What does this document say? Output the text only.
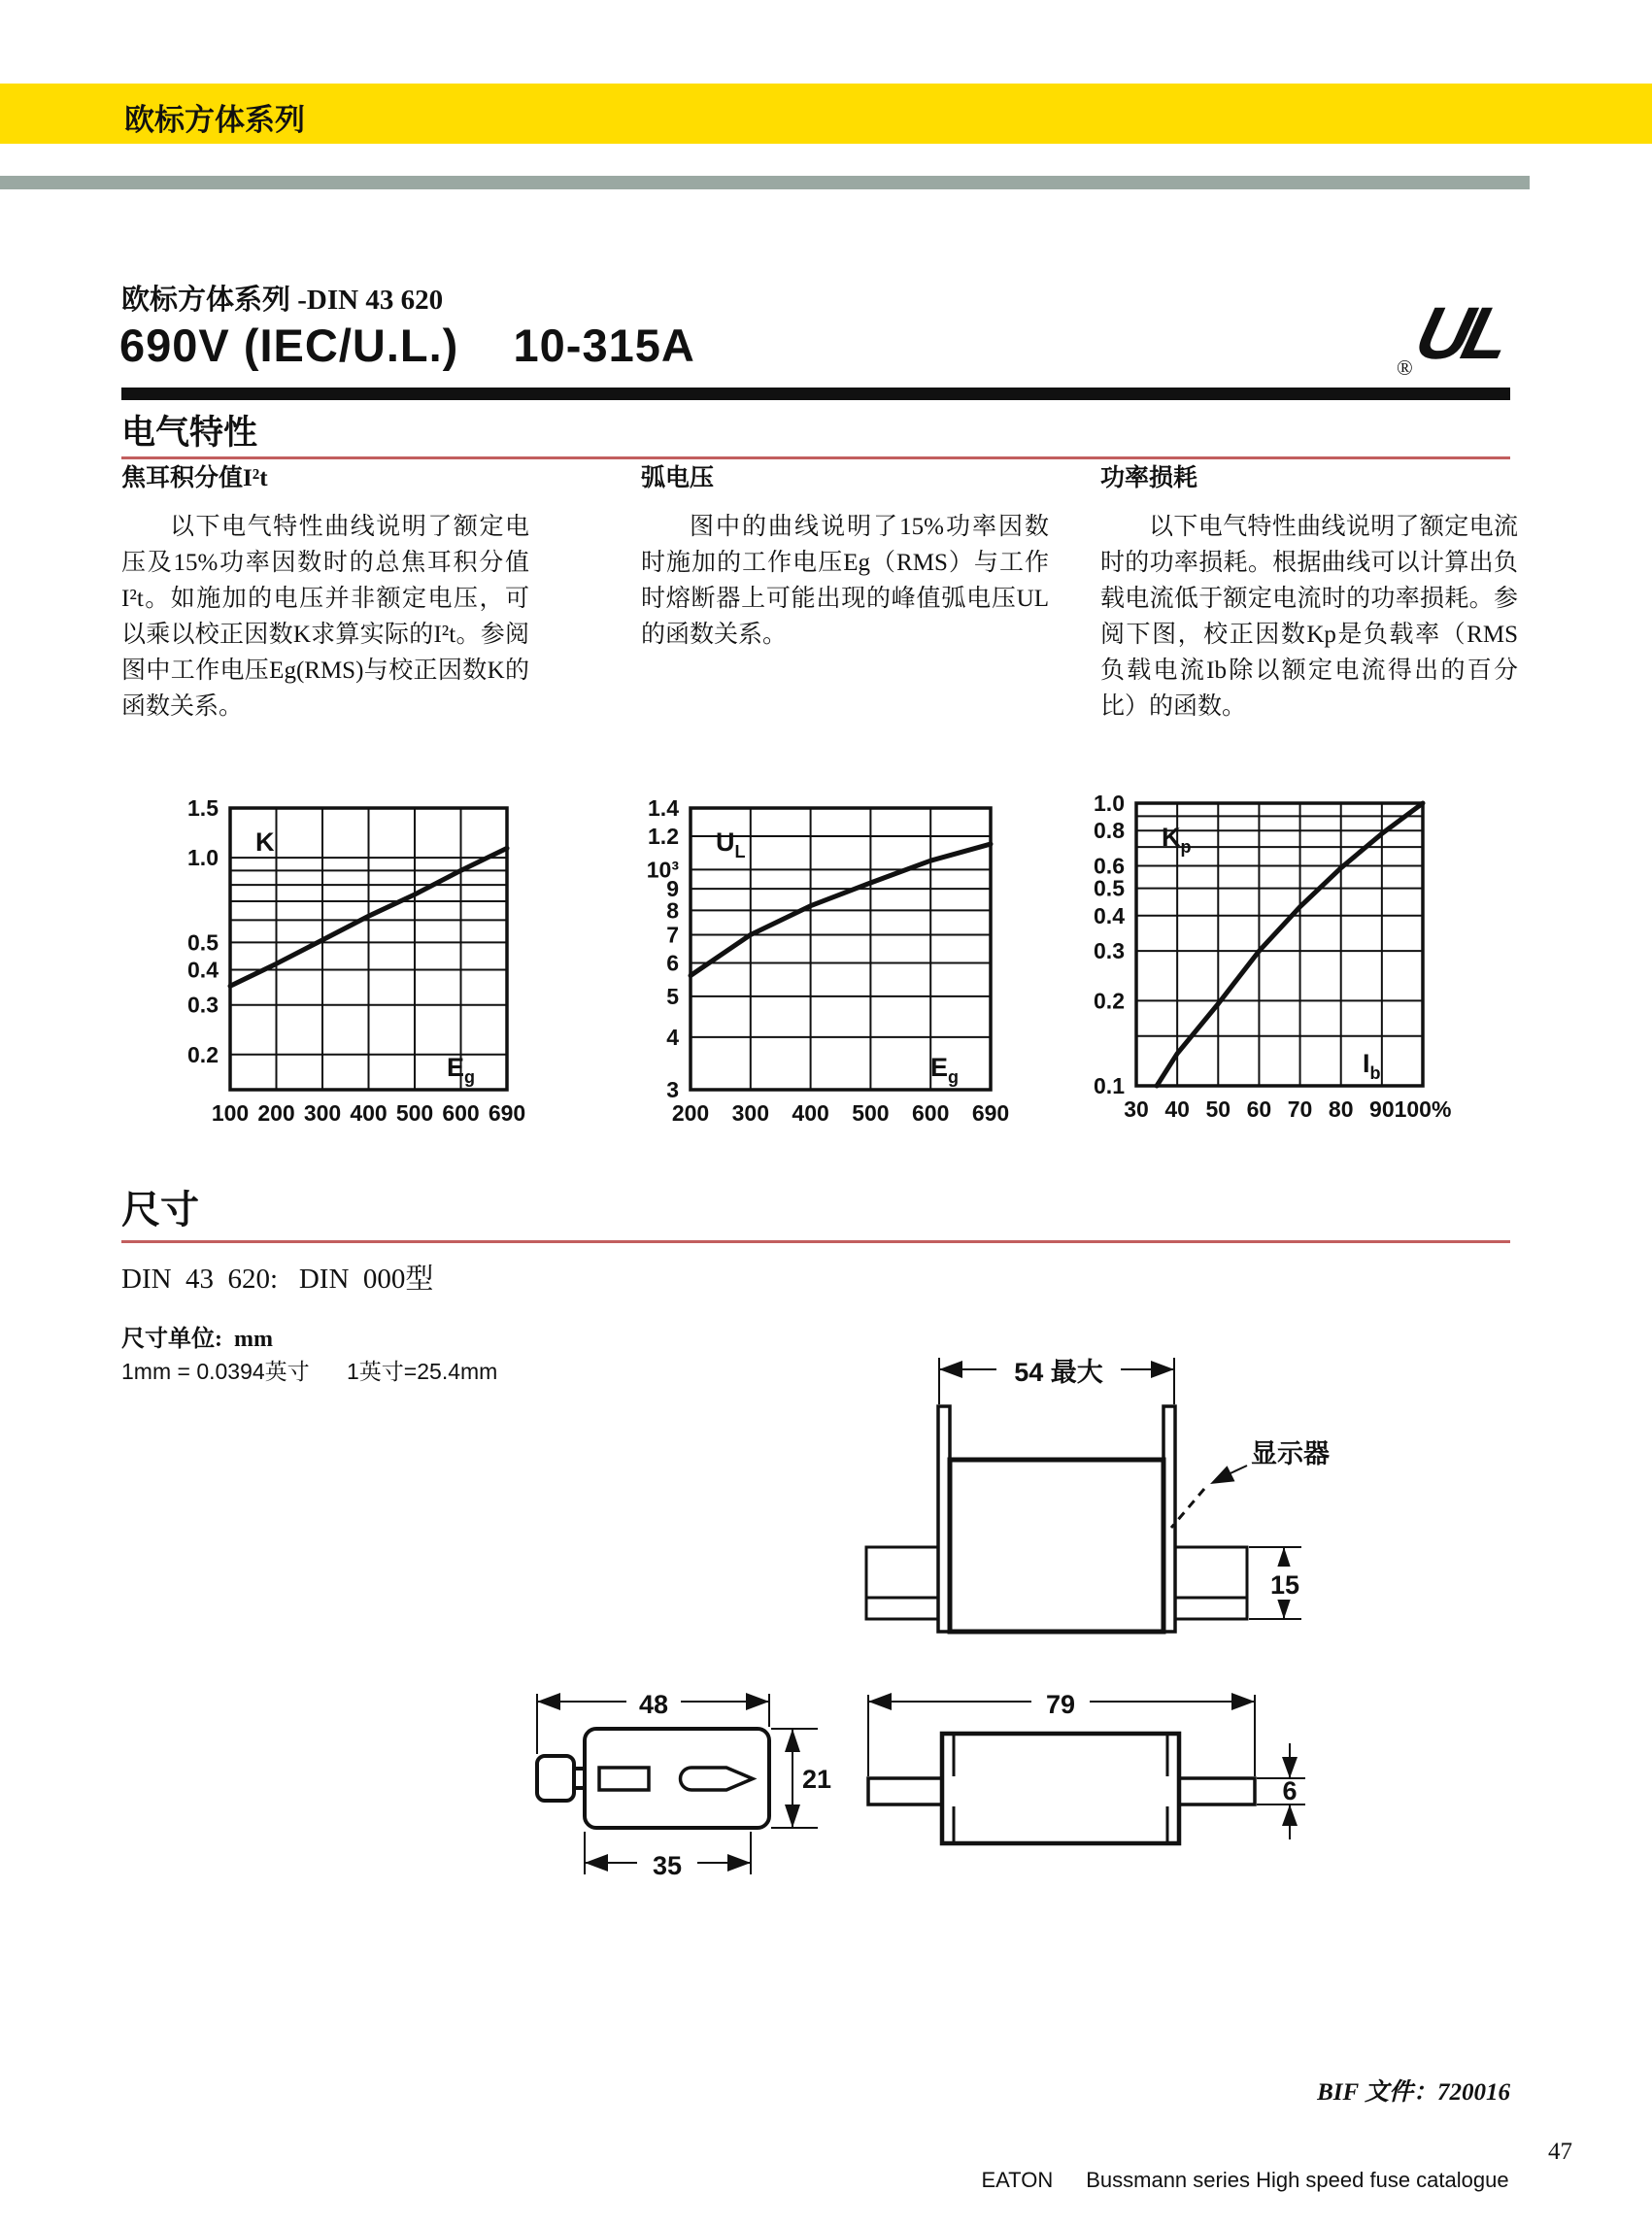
欧标方体系列
欧标方体系列 -DIN 43 620
690V (IEC/U.L.)    10-315A	UL
®
电气特性
焦耳积分值I²t

以下电气特性曲线说明了额定电压及15%功率因数时的总焦耳积分值I²t。如施加的电压并非额定电压，可以乘以校正因数K求算实际的I²t。参阅图中工作电压Eg(RMS)与校正因数K的函数关系。

弧电压

图中的曲线说明了15%功率因数时施加的工作电压Eg（RMS）与工作时熔断器上可能出现的峰值弧电压UL的函数关系。

功率损耗

以下电气特性曲线说明了额定电流时的功率损耗。根据曲线可以计算出负载电流低于额定电流时的功率损耗。参阅下图，校正因数Kp是负载率（RMS负载电流Ib除以额定电流得出的百分比）的函数。

1.5
1.0
0.5
0.4
0.3
0.2
100 200 300 400 500 600 690
K
$E_g$
1.4
1.2
10³
9
8
7
6
5
4
3
200 300 400 500 600 690
$U_L$
$E_g$
1.0
0.8
0.6
0.5
0.4
0.3
0.2
0.1
30 40 50 60 70 80 90 100%
$K_p$
$I_b$
尺寸
DIN  43  620:   DIN  000型
尺寸单位:  mm
1mm = 0.0394英寸      1英寸=25.4mm	54 最大
15
显示器
48
21
35
79
6
BIF 文件：720016

EATON Bussmann series High speed fuse catalogue

47
